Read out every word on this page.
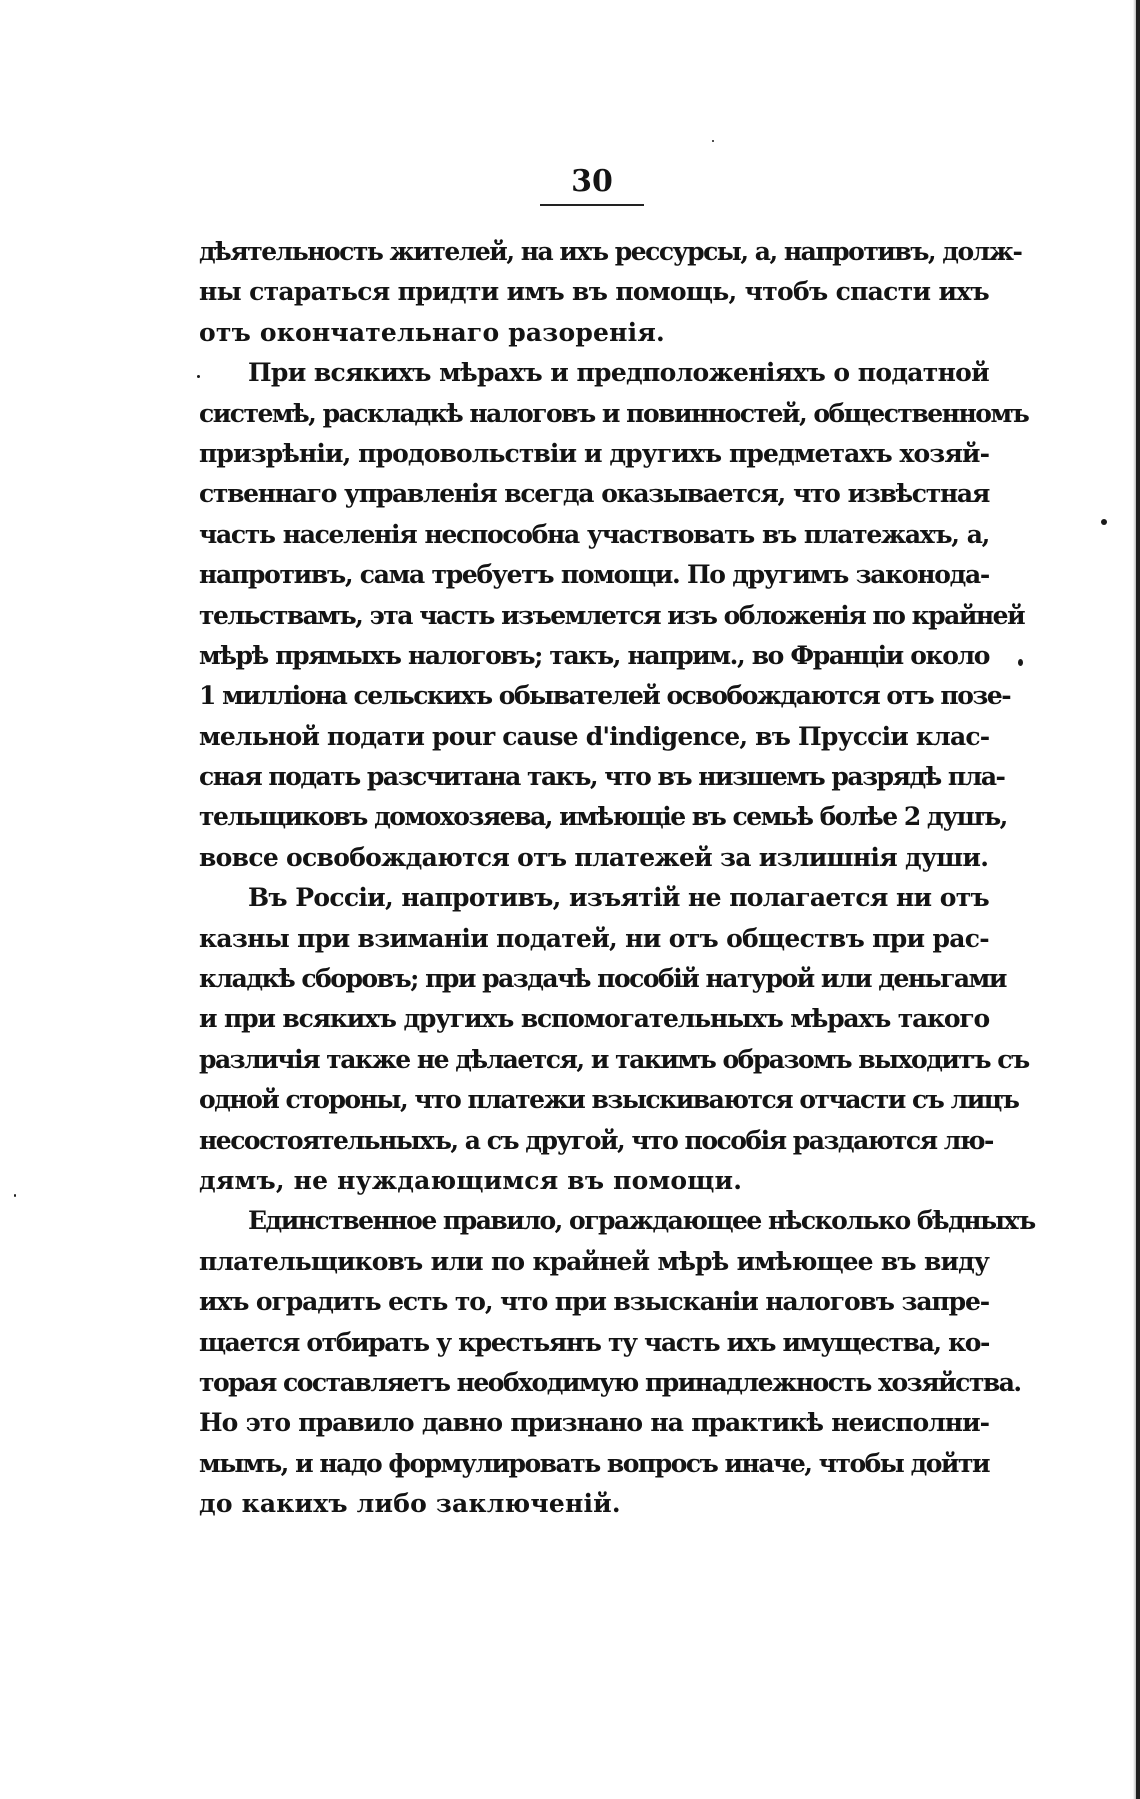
30
дѣятельность жителей, на ихъ рессурсы, а, напротивъ, долж-
ны стараться придти имъ въ помощь, чтобъ спасти ихъ
отъ окончательнаго разоренія.
При всякихъ мѣрахъ и предположеніяхъ о податной
системѣ, раскладкѣ налоговъ и повинностей, общественномъ
призрѣніи, продовольствіи и другихъ предметахъ хозяй-
ственнаго управленія всегда оказывается, что извѣстная
часть населенія неспособна участвовать въ платежахъ, а,
напротивъ, сама требуетъ помощи. По другимъ законода-
тельствамъ, эта часть изъемлется изъ обложенія по крайней
мѣрѣ прямыхъ налоговъ; такъ, наприм., во Франціи около
1 милліона сельскихъ обывателей освобождаются отъ позе-
мельной подати pour cause d'indigence, въ Пруссіи клас-
сная подать разсчитана такъ, что въ низшемъ разрядѣ пла-
тельщиковъ домохозяева, имѣющіе въ семьѣ болѣе 2 душъ,
вовсе освобождаются отъ платежей за излишнія души.
Въ Россіи, напротивъ, изъятій не полагается ни отъ
казны при взиманіи податей, ни отъ обществъ при рас-
кладкѣ сборовъ; при раздачѣ пособій натурой или деньгами
и при всякихъ другихъ вспомогательныхъ мѣрахъ такого
различія также не дѣлается, и такимъ образомъ выходитъ съ
одной стороны, что платежи взыскиваются отчасти съ лицъ
несостоятельныхъ, а съ другой, что пособія раздаются лю-
дямъ, не нуждающимся въ помощи.
Единственное правило, ограждающее нѣсколько бѣдныхъ
плательщиковъ или по крайней мѣрѣ имѣющее въ виду
ихъ оградить есть то, что при взысканіи налоговъ запре-
щается отбирать у крестьянъ ту часть ихъ имущества, ко-
торая составляетъ необходимую принадлежность хозяйства.
Но это правило давно признано на практикѣ неисполни-
мымъ, и надо формулировать вопросъ иначе, чтобы дойти
до какихъ либо заключеній.
